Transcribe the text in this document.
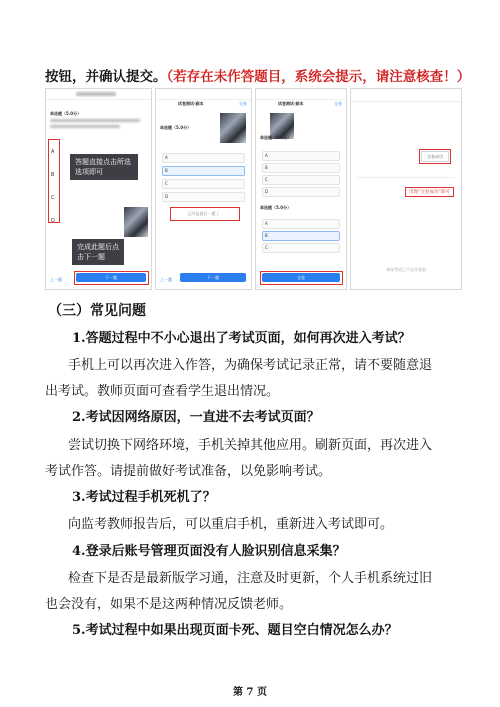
按钮，并确认提交。（若存在未作答题目，系统会提示，请注意核查！）
单选题（5.0分）
A
B
C
D
答题直接点击所选选项即可
完成此题后点击下一题
上一题	下一题
试卷测试·副本	交卷
单选题（5.0分）
A
B
C
D
已经是最后一题了
上一题	下一题
试卷测试·副本	交卷
单选题（5.0分）
A
B
C
D
单选题（5.0分）
A
B
C
交卷
交卷成功
出现“交卷成功”即可
本场考试已不允许查看
（三）常见问题
1.答题过程中不小心退出了考试页面，如何再次进入考试？
手机上可以再次进入作答，为确保考试记录正常，请不要随意退
出考试。教师页面可查看学生退出情况。
2.考试因网络原因，一直进不去考试页面？
尝试切换下网络环境，手机关掉其他应用。刷新页面，再次进入
考试作答。请提前做好考试准备，以免影响考试。
3.考试过程手机死机了？
向监考教师报告后，可以重启手机，重新进入考试即可。
4.登录后账号管理页面没有人脸识别信息采集？
检查下是否是最新版学习通，注意及时更新，个人手机系统过旧
也会没有，如果不是这两种情况反馈老师。
5.考试过程中如果出现页面卡死、题目空白情况怎么办？
第 7 页
